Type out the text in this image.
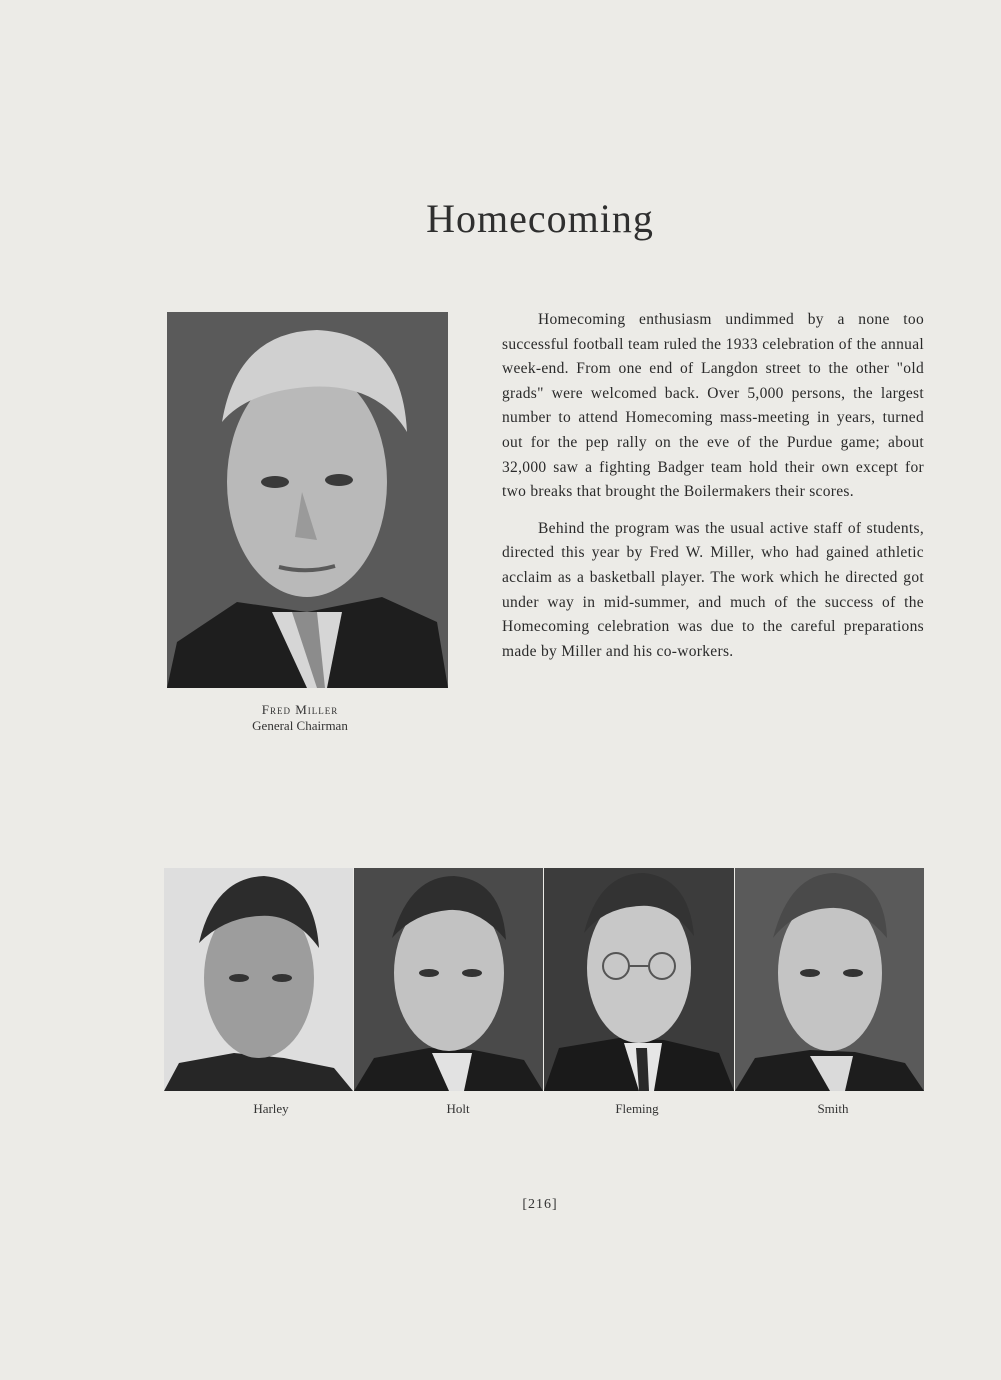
Homecoming
Fred Miller
General Chairman

Homecoming enthusiasm undimmed by a none too successful football team ruled the 1933 celebration of the annual week-end. From one end of Langdon street to the other "old grads" were welcomed back. Over 5,000 persons, the largest number to attend Homecoming mass-meeting in years, turned out for the pep rally on the eve of the Purdue game; about 32,000 saw a fighting Badger team hold their own except for two breaks that brought the Boilermakers their scores.

Behind the program was the usual active staff of students, directed this year by Fred W. Miller, who had gained athletic acclaim as a basketball player. The work which he directed got under way in mid-summer, and much of the success of the Homecoming celebration was due to the careful preparations made by Miller and his co-workers.

Harley	Holt	Fleming	Smith
[216]
